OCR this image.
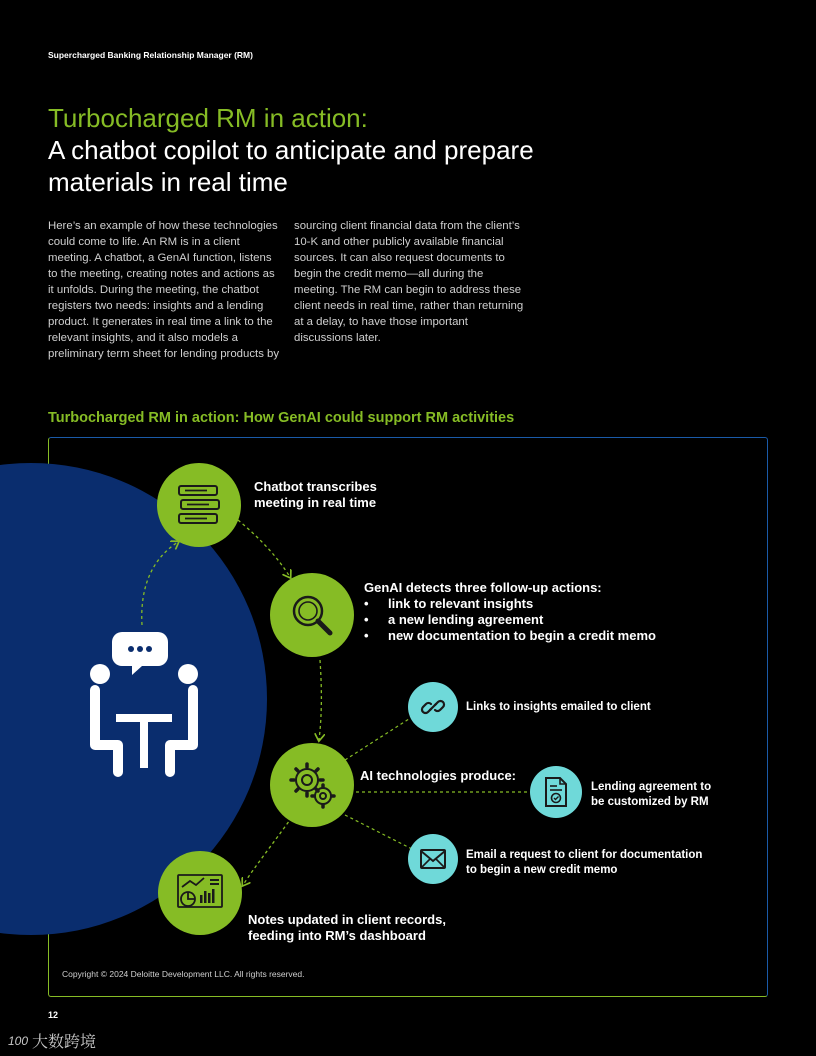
Supercharged Banking Relationship Manager (RM)
Turbocharged RM in action:
A chatbot copilot to anticipate and prepare materials in real time

Here’s an example of how these technologies could come to life. An RM is in a client meeting. A chatbot, a GenAI function, listens to the meeting, creating notes and actions as it unfolds. During the meeting, the chatbot registers two needs: insights and a lending product. It generates in real time a link to the relevant insights, and it also models a preliminary term sheet for lending products by

sourcing client financial data from the client’s 10-K and other publicly available financial sources. It can also request documents to begin the credit memo—all during the meeting. The RM can begin to address these client needs in real time, rather than returning at a delay, to have those important discussions later.

Turbocharged RM in action: How GenAI could support RM activities
Chatbot transcribes
meeting in real time
GenAI detects three follow-up actions:
• link to relevant insights
• a new lending agreement
• new documentation to begin a credit memo
AI technologies produce:
Notes updated in client records,
feeding into RM’s dashboard
Links to insights emailed to client
Lending agreement to
be customized by RM
Email a request to client for documentation
to begin a new credit memo
Copyright © 2024 Deloitte Development LLC. All rights reserved.
12
100 大数跨境
